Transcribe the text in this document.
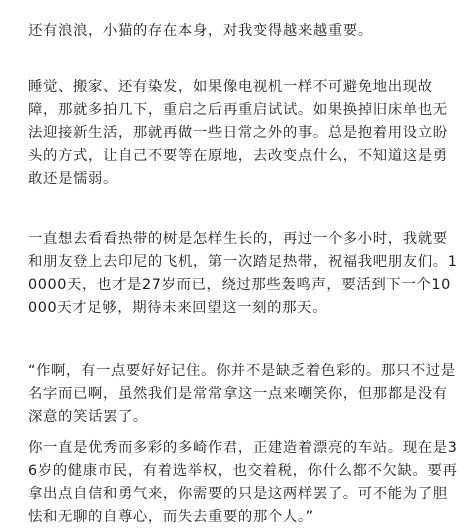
还有浪浪，小猫的存在本身，对我变得越来越重要。

睡觉、搬家、还有染发，如果像电视机一样不可避免地出现故障，那就多拍几下，重启之后再重启试试。如果换掉旧床单也无法迎接新生活，那就再做一些日常之外的事。总是抱着用设立盼头的方式，让自己不要等在原地，去改变点什么，不知道这是勇敢还是懦弱。

一直想去看看热带的树是怎样生长的，再过一个多小时，我就要和朋友登上去印尼的飞机，第一次踏足热带，祝福我吧朋友们。10000天，也才是27岁而已，绕过那些轰鸣声，要活到下一个10000天才足够，期待未来回望这一刻的那天。

“作啊，有一点要好好记住。你并不是缺乏着色彩的。那只不过是名字而已啊，虽然我们是常常拿这一点来嘲笑你，但那都是没有深意的笑话罢了。

你一直是优秀而多彩的多崎作君，正建造着漂亮的车站。现在是36岁的健康市民，有着选举权，也交着税，你什么都不欠缺。要再拿出点自信和勇气来，你需要的只是这两样罢了。可不能为了胆怯和无聊的自尊心，而失去重要的那个人。”
